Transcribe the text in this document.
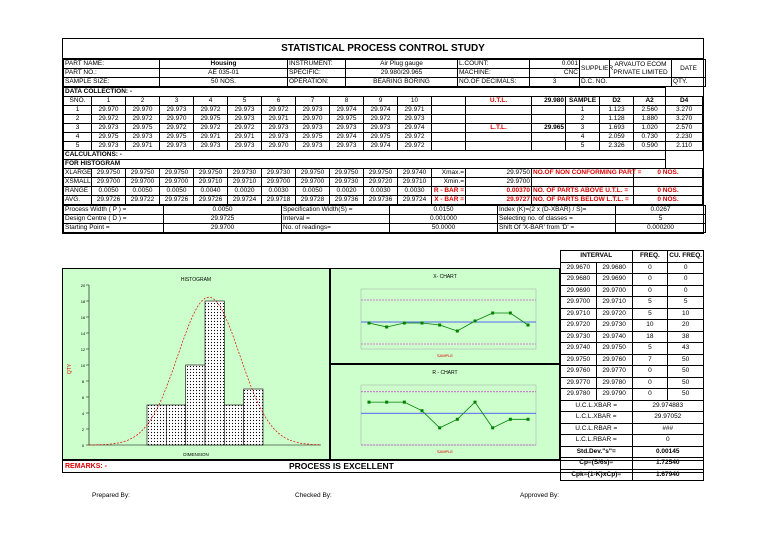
STATISTICAL PROCESS CONTROL STUDY
PART NAME:	Housing	INSTRUMENT:	Air Plug gauge	L.COUNT:	0.001	SUPPLIER	ARVAUTO ECOM PRIVATE LIMITED	DATE
PART NO.:	AE 035-01	SPECIFIC:	29.980/29.965	MACHINE:	CNC			
SAMPLE SIZE:	50 NOS.	OPERATION:	BEARING BORING	NO.OF DECIMALS:	3	D.C. NO.		QTY.
DATA COLLECTION: -																	
SNO.	1	2	3	4	5	6	7	8	9	10		U.T.L.	29.980	SAMPLE	D2	A2	D4
1	29.970	29.970	29.973	29.972	29.973	29.972	29.973	29.974	29.974	29.971				1	1.123	2.560	3.270
2	29.972	29.972	29.970	29.975	29.973	29.971	29.970	29.975	29.972	29.973				2	1.128	1.880	3.270
3	29.973	29.975	29.972	29.972	29.972	29.973	29.973	29.973	29.973	29.974		L.T.L.	29.965	3	1.693	1.020	2.570
4	29.975	29.973	29.975	29.971	29.971	29.973	29.975	29.974	29.975	29.972				4	2.059	0.730	2.230
5	29.973	29.971	29.973	29.973	29.973	29.970	29.973	29.973	29.974	29.972				5	2.326	0.590	2.110
CALCULATIONS: -																	
FOR HISTOGRAM																	
XLARGE	29.9750	29.9750	29.9750	29.9750	29.9730	29.9730	29.9750	29.9750	29.9750	29.9740	Xmax.=	29.9750	NO.OF NON CONFORMING PART =			0 NOS.	
XSMALL	29.9700	29.9700	29.9700	29.9710	29.9710	29.9700	29.9700	29.9730	29.9720	29.9710	Xmin.=	29.9700					
RANGE	0.0050	0.0050	0.0050	0.0040	0.0020	0.0030	0.0050	0.0020	0.0030	0.0030	R - BAR =	0.00370	NO. OF PARTS ABOVE U.T.L. =			0 NOS.	
AVG.	29.9726	29.9722	29.9726	29.9726	29.9724	29.9718	29.9728	29.9736	29.9736	29.9724	X - BAR =	29.9727	NO. OF PARTS BELOW L.T.L. =			0 NOS.	
Process Width ( P ) =	0.0050	Specification Width(S) =	0.0150	Index (K)=(2 x (D-XBAR) / S)=	0.0267
Design Centre ( D ) =	29.9725	Interval =	0.001000	Selecting no. of classes =	5
Starting Point =	29.9700	No. of readings=	50.0000	Shift Of 'X-BAR' from 'D' =	0.000200
0
2
4
6
8
10
12
14
16
18
20
HISTOGRAM
QTY
DIMENSION
X- CHART
SAMPLE
R - CHART
SAMPLE
INTERVAL		FREQ.	CU. FREQ.
29.9670	29.9680	0	0
29.9680	29.9690	0	0
29.9690	29.9700	0	0
29.9700	29.9710	5	5
29.9710	29.9720	5	10
29.9720	29.9730	10	20
29.9730	29.9740	18	38
29.9740	29.9750	5	43
29.9750	29.9760	7	50
29.9760	29.9770	0	50
29.9770	29.9780	0	50
29.9780	29.9790	0	50
U.C.L.XBAR =		29.974883	
L.C.L.XBAR =		29.97052	
U.C.L.RBAR =		###	
L.C.L.RBAR =		0	
Std.Dev."s"=		0.00145	
Cp=(S/6s)=		1.72540	
Cpk={1-K}xCp)=		1.67940	
REMARKS: -	PROCESS IS EXCELLENT
Prepared By:	Checked By:	Approved By:
